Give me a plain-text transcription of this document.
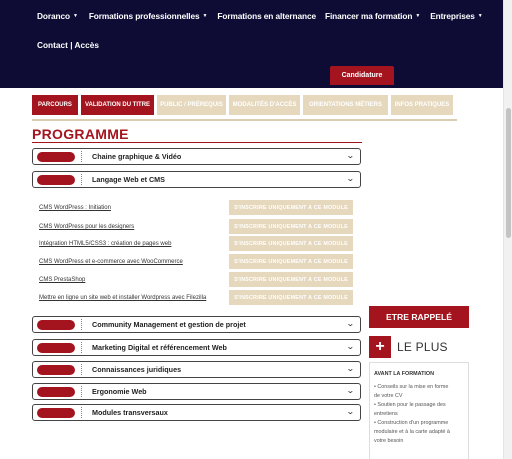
Doranco ▼ Formations professionnelles ▼ Formations en alternance Financer ma formation ▼ Entreprises ▼
Contact | Accès
Candidature
PARCOURS	VALIDATION DU TITRE	PUBLIC / PRÉREQUIS	MODALITÉS D'ACCÈS	ORIENTATIONS MÉTIERS	INFOS PRATIQUES
PROGRAMME
Chaine graphique & Vidéo	⌄
Langage Web et CMS	⌄
CMS WordPress : Initiation	S'INSCRIRE UNIQUEMENT A CE MODULE
CMS WordPress pour les designers	S'INSCRIRE UNIQUEMENT A CE MODULE
Intégration HTML5/CSS3 : création de pages web	S'INSCRIRE UNIQUEMENT A CE MODULE
CMS WordPress et e-commerce avec WooCommerce	S'INSCRIRE UNIQUEMENT A CE MODULE
CMS PrestaShop	S'INSCRIRE UNIQUEMENT A CE MODULE
Mettre en ligne un site web et installer Wordpress avec Filezilla	S'INSCRIRE UNIQUEMENT A CE MODULE
Community Management et gestion de projet	⌄
Marketing Digital et référencement Web	⌄
Connaissances juridiques	⌄
Ergonomie Web	⌄
Modules transversaux	⌄
ETRE RAPPELÉ
+	LE PLUS
AVANT LA FORMATION
• Conseils sur la mise en forme
de votre CV
• Soutien pour le passage des
entretiens
• Construction d'un programme
modulaire et à la carte adapté à
votre besoin
